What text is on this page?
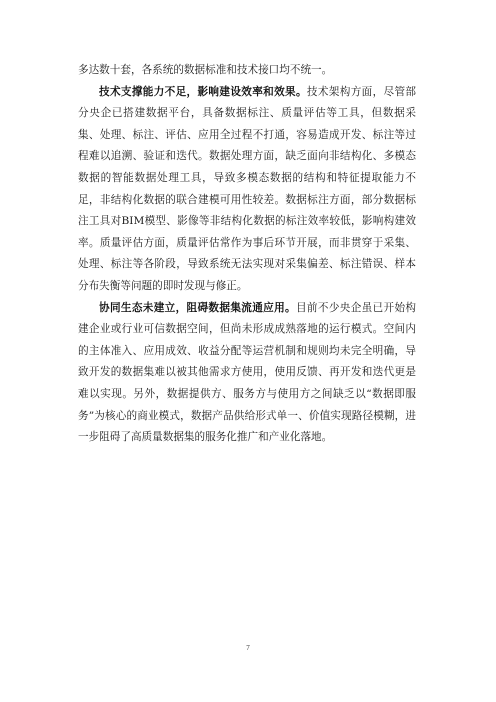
多达数十套，各系统的数据标准和技术接口均不统一。

技术支撑能力不足，影响建设效率和效果。技术架构方面，尽管部分央企已搭建数据平台，具备数据标注、质量评估等工具，但数据采集、处理、标注、评估、应用全过程不打通，容易造成开发、标注等过程难以追溯、验证和迭代。数据处理方面，缺乏面向非结构化、多模态数据的智能数据处理工具，导致多模态数据的结构和特征提取能力不足，非结构化数据的联合建模可用性较差。数据标注方面，部分数据标注工具对BIM模型、影像等非结构化数据的标注效率较低，影响构建效率。质量评估方面，质量评估常作为事后环节开展，而非贯穿于采集、处理、标注等各阶段，导致系统无法实现对采集偏差、标注错误、样本分布失衡等问题的即时发现与修正。

协同生态未建立，阻碍数据集流通应用。目前不少央企虽已开始构建企业或行业可信数据空间，但尚未形成成熟落地的运行模式。空间内的主体准入、应用成效、收益分配等运营机制和规则均未完全明确，导致开发的数据集难以被其他需求方使用，使用反馈、再开发和迭代更是难以实现。另外，数据提供方、服务方与使用方之间缺乏以“数据即服务”为核心的商业模式，数据产品供给形式单一、价值实现路径模糊，进一步阻碍了高质量数据集的服务化推广和产业化落地。

7
